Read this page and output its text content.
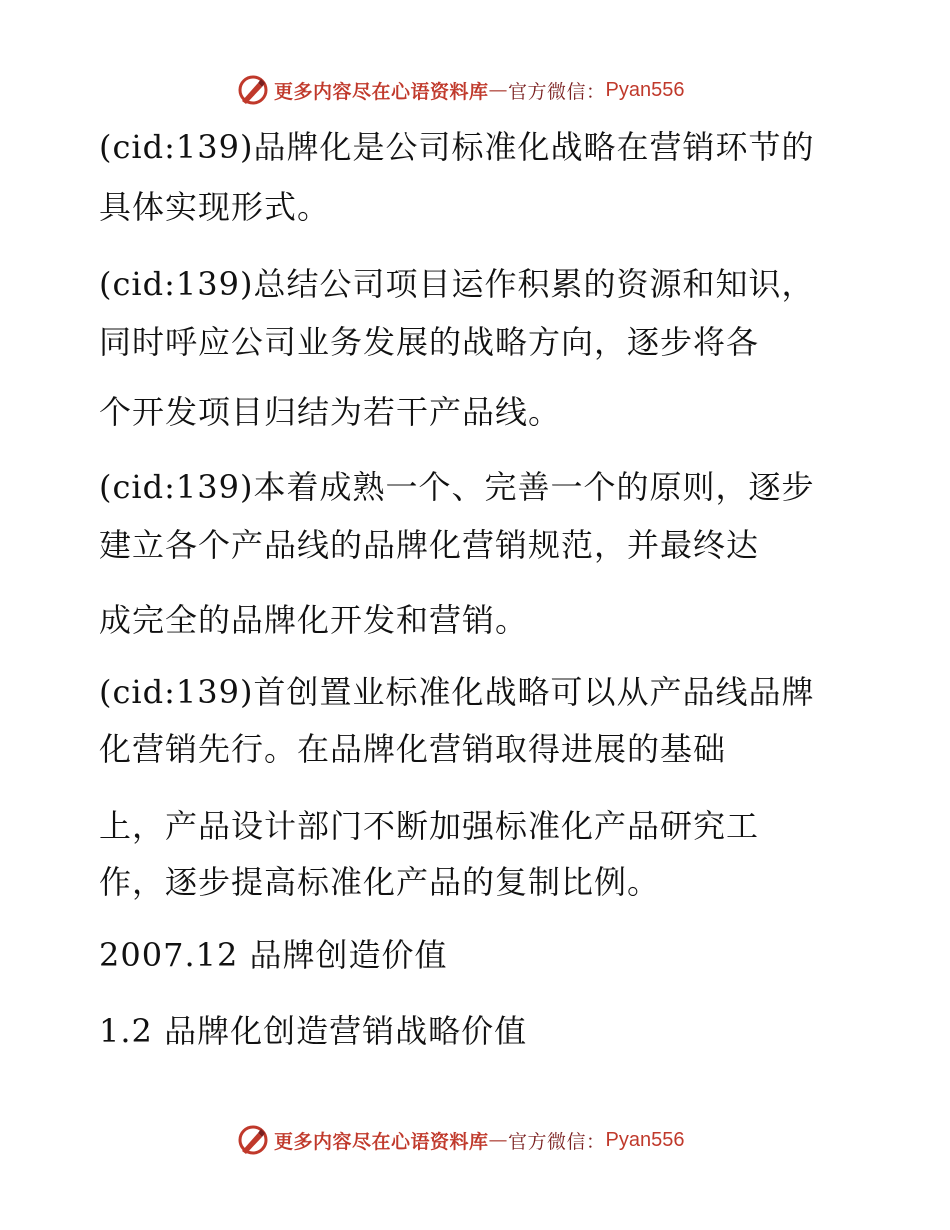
更多内容尽在心语资料库 — 官方微信： Pyan556

(cid:139)品牌化是公司标准化战略在营销环节的

具体实现形式。

(cid:139)总结公司项目运作积累的资源和知识，

同时呼应公司业务发展的战略方向，逐步将各

个开发项目归结为若干产品线。

(cid:139)本着成熟一个、完善一个的原则，逐步

建立各个产品线的品牌化营销规范，并最终达

成完全的品牌化开发和营销。

(cid:139)首创置业标准化战略可以从产品线品牌

化营销先行。在品牌化营销取得进展的基础

上，产品设计部门不断加强标准化产品研究工

作，逐步提高标准化产品的复制比例。

2007.12 品牌创造价值

1.2 品牌化创造营销战略价值

更多内容尽在心语资料库 — 官方微信： Pyan556
